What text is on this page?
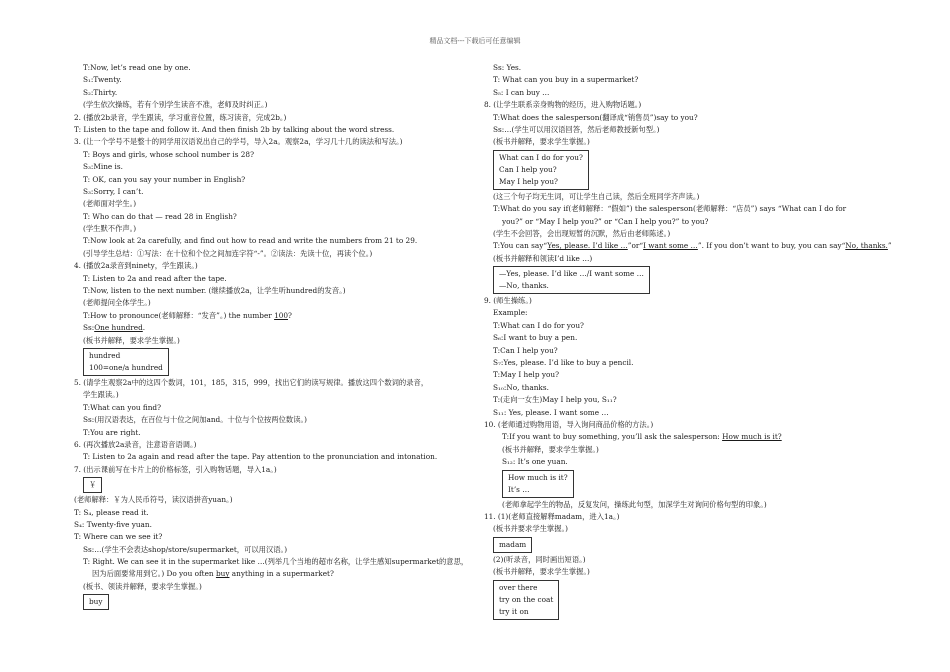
精品文档---下载后可任意编辑
T:Now, let’s read one by one.
S₁:Twenty.
S₂:Thirty.
(学生依次操练，若有个别学生读音不准，老师及时纠正。)
2. (播放2b录音，学生跟读，学习重音位置，练习读音，完成2b。)
T: Listen to the tape and follow it. And then finish 2b by talking about the word stress.
3. (让一个学号不是整十的同学用汉语说出自己的学号，导入2a。观察2a，学习几十几的读法和写法。)
T: Boys and girls, whose school number is 28?
S₃:Mine is.
T: OK, can you say your number in English?
S₃:Sorry, I can’t.
(老师面对学生。)
T: Who can do that — read 28 in English?
(学生默不作声。)
T:Now look at 2a carefully, and find out how to read and write the numbers from 21 to 29.
(引导学生总结：①写法：在十位和个位之间加连字符“-”。②读法：先读十位，再读个位。)
4. (播放2a录音到ninety，学生跟读。)
T: Listen to 2a and read after the tape.
T:Now, listen to the next number. (继续播放2a，让学生听hundred的发音。)
(老师提问全体学生。)
T:How to pronounce(老师解释：“发音”。) the number 100?
Ss:One hundred.
(板书并解释，要求学生掌握。)
hundred
100=one/a hundred
5. (请学生观察2a中的这四个数词，101，185，315，999，找出它们的读写规律。播放这四个数词的录音，
学生跟读。)
T:What can you find?
Ss:(用汉语表达，在百位与十位之间加and。十位与个位按两位数读。)
T:You are right.
6. (再次播放2a录音，注意语音语调。)
T: Listen to 2a again and read after the tape. Pay attention to the pronunciation and intonation.
7. (出示课前写在卡片上的价格标签，引入购物话题，导入1a。)
￥
(老师解释：￥为人民币符号，读汉语拼音yuan。)
T: S₄, please read it.
S₄: Twenty-five yuan.
T: Where can we see it?
Ss:…(学生不会表达shop/store/supermarket，可以用汉语。)
T: Right. We can see it in the supermarket like …(列举几个当地的超市名称，让学生感知supermarket的意思，
因为后面要常用到它。) Do you often buy anything in a supermarket?
(板书、领读并解释，要求学生掌握。)
buy
Ss: Yes.
T: What can you buy in a supermarket?
S₅: I can buy …
8. (让学生联系亲身购物的经历，进入购物话题。)
T:What does the salesperson(翻译成“销售员”)say to you?
Ss:…(学生可以用汉语回答，然后老师教授新句型。)
(板书并解释，要求学生掌握。)
What can I do for you?
Can I help you?
May I help you?
(这三个句子均无生词，可让学生自己读，然后全班同学齐声读。)
T:What do you say if(老师解释：“假如”) the salesperson(老师解释：“店员”) says “What can I do for
you?” or “May I help you?” or “Can I help you?” to you?
(学生不会回答，会出现短暂的沉默，然后由老师陈述。)
T:You can say“Yes, please. I’d like …”or“I want some …”. If you don’t want to buy, you can say“No, thanks.”
(板书并解释和领读I’d like …)
—Yes, please. I’d like …/I want some …
—No, thanks.
9. (师生操练。)
Example:
T:What can I do for you?
S₆:I want to buy a pen.
T:Can I help you?
S₇:Yes, please. I’d like to buy a pencil.
T:May I help you?
S₁₀:No, thanks.
T:(走向一女生)May I help you, S₁₁?
S₁₁: Yes, please. I want some …
10. (老师通过购物用语，导入询问商品价格的方法。)
T:If you want to buy something, you’ll ask the salesperson: How much is it?
(板书并解释，要求学生掌握。)
S₁₂: It’s one yuan.
How much is it?
It’s …
(老师拿起学生的物品，反复发问，操练此句型，加深学生对询问价格句型的印象。)
11. (1)(老师直接解释madam，进入1a。)
(板书并要求学生掌握。)
madam
(2)(听录音，同时画出短语。)
(板书并解释，要求学生掌握。)
over there
try on the coat
try it on
